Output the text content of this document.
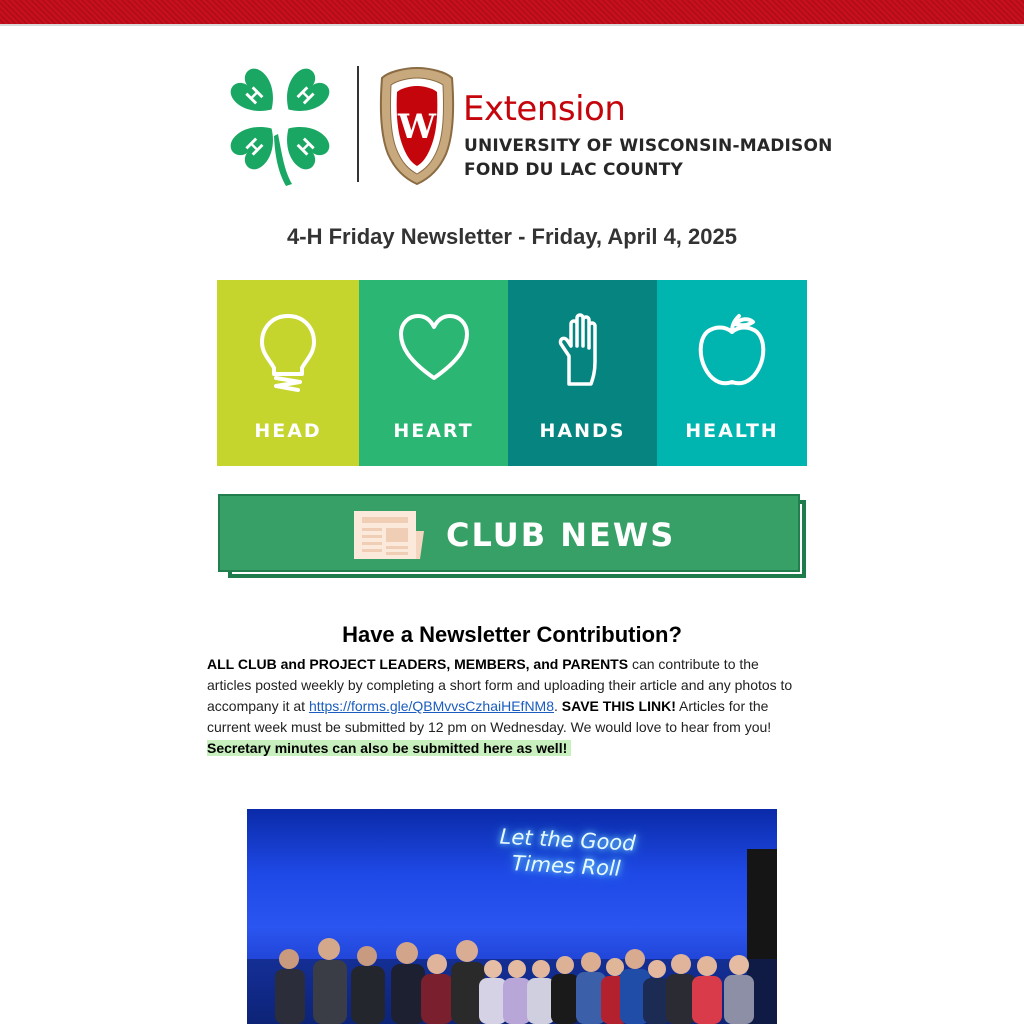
H H
H H W Extension
UNIVERSITY OF WISCONSIN-MADISON
FOND DU LAC COUNTY
4-H Friday Newsletter - Friday, April 4, 2025
HEAD	HEART	HANDS	HEALTH
CLUB NEWS
Have a Newsletter Contribution?
ALL CLUB and PROJECT LEADERS, MEMBERS, and PARENTS can contribute to the articles posted weekly by completing a short form and uploading their article and any photos to accompany it at https://forms.gle/QBMvvsCzhaiHEfNM8. SAVE THIS LINK! Articles for the current week must be submitted by 12 pm on Wednesday. We would love to hear from you!
Secretary minutes can also be submitted here as well!
Let the Good
Times Roll
